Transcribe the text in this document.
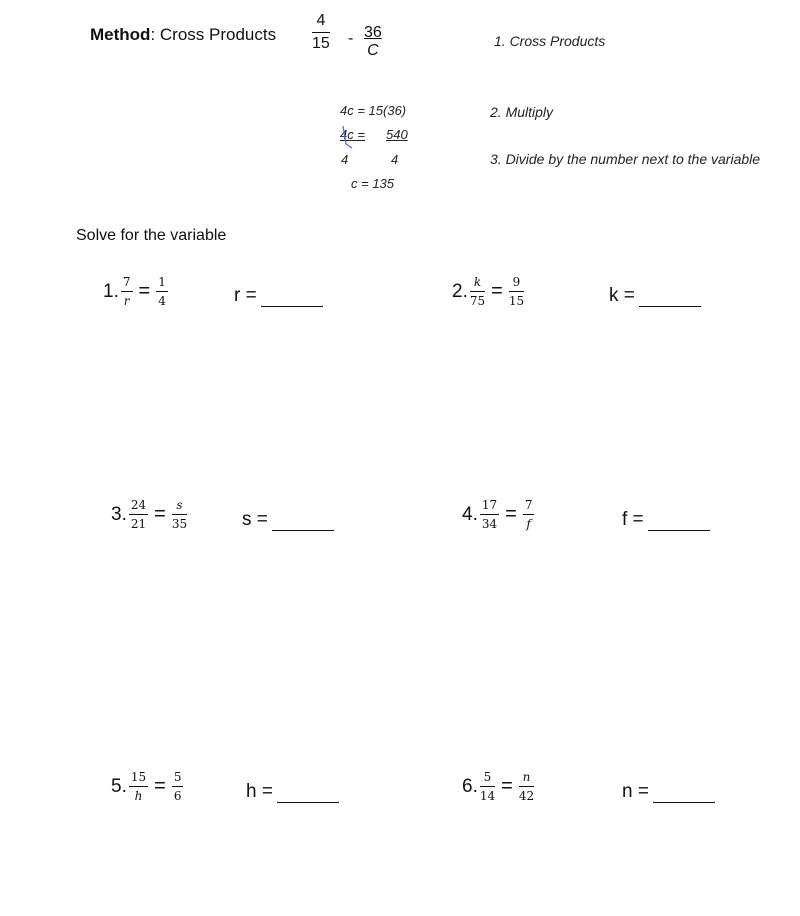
Method: Cross Products
4
$15 - \frac{36}{C}$	1. Cross Products
2. Multiply
3. Divide by the number next to the variable
4c = 15(36)
4c = 540
4	4
c = 135
Solve for the variable
1. $\frac{7}{r} = \frac{1}{4}$	r =	2. $\frac{k}{75} = \frac{9}{15}$	k =
3. $\frac{24}{21} = \frac{s}{35}$	s =	4. $\frac{17}{34} = \frac{7}{f}$	f =
5. $\frac{15}{h} = \frac{5}{6}$	h =	6. $\frac{5}{14} = \frac{n}{42}$	n =
